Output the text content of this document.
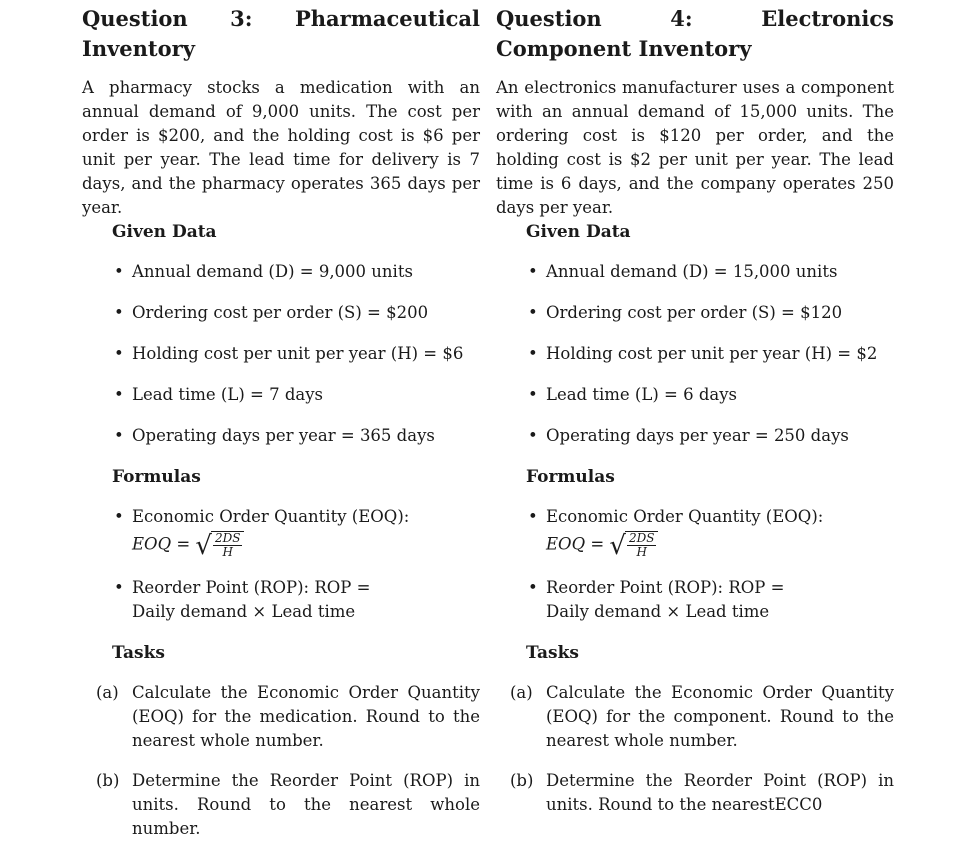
Question 3: Pharmaceutical Inventory

A pharmacy stocks a medication with an annual demand of 9,000 units. The cost per order is $200, and the holding cost is $6 per unit per year. The lead time for delivery is 7 days, and the pharmacy operates 365 days per year.

Given Data
• Annual demand (D) = 9,000 units
• Ordering cost per order (S) = $200
• Holding cost per unit per year (H) = $6
• Lead time (L) = 7 days
• Operating days per year = 365 days
Formulas
• Economic Order Quantity (EOQ):
EOQ = √ $\frac{2DS}{H}$
• Reorder Point (ROP): ROP =
Daily demand × Lead time
Tasks
(a) Calculate the Economic Order Quantity (EOQ) for the medication. Round to the nearest whole number.
(b) Determine the Reorder Point (ROP) in units. Round to the nearest whole number.
Question 4: Electronics Component Inventory

An electronics manufacturer uses a component with an annual demand of 15,000 units. The ordering cost is $120 per order, and the holding cost is $2 per unit per year. The lead time is 6 days, and the company operates 250 days per year.

Given Data
• Annual demand (D) = 15,000 units
• Ordering cost per order (S) = $120
• Holding cost per unit per year (H) = $2
• Lead time (L) = 6 days
• Operating days per year = 250 days
Formulas
• Economic Order Quantity (EOQ):
EOQ = √ $\frac{2DS}{H}$
• Reorder Point (ROP): ROP =
Daily demand × Lead time
Tasks
(a) Calculate the Economic Order Quantity (EOQ) for the component. Round to the nearest whole number.
(b) Determine the Reorder Point (ROP) in units. Round to the nearestECC0
